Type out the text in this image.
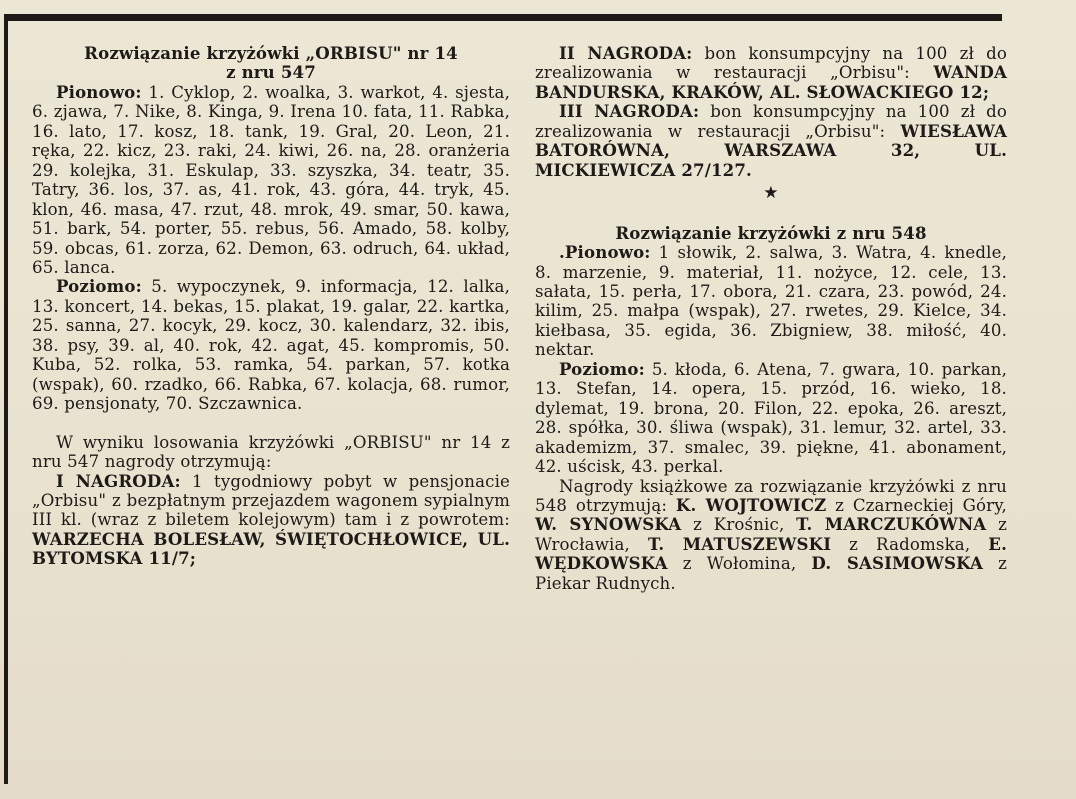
Rozwiązanie krzyżówki „ORBISU" nr 14
z nru 547

Pionowo: 1. Cyklop, 2. woalka, 3. warkot, 4. sjesta, 6. zjawa, 7. Nike, 8. Kinga, 9. Irena 10. fata, 11. Rabka, 16. lato, 17. kosz, 18. tank, 19. Gral, 20. Leon, 21. ręka, 22. kicz, 23. raki, 24. kiwi, 26. na, 28. oranżeria 29. kolejka, 31. Eskulap, 33. szyszka, 34. teatr, 35. Tatry, 36. los, 37. as, 41. rok, 43. góra, 44. tryk, 45. klon, 46. masa, 47. rzut, 48. mrok, 49. smar, 50. kawa, 51. bark, 54. porter, 55. rebus, 56. Amado, 58. kolby, 59. obcas, 61. zorza, 62. Demon, 63. odruch, 64. układ, 65. lanca.

Poziomo: 5. wypoczynek, 9. informacja, 12. lalka, 13. koncert, 14. bekas, 15. plakat, 19. galar, 22. kartka, 25. sanna, 27. kocyk, 29. kocz, 30. kalendarz, 32. ibis, 38. psy, 39. al, 40. rok, 42. agat, 45. kompromis, 50. Kuba, 52. rolka, 53. ramka, 54. parkan, 57. kotka (wspak), 60. rzadko, 66. Rabka, 67. kolacja, 68. rumor, 69. pensjonaty, 70. Szczawnica.

W wyniku losowania krzyżówki „ORBISU" nr 14 z nru 547 nagrody otrzymują:

I NAGRODA: 1 tygodniowy pobyt w pensjonacie „Orbisu" z bezpłatnym przejazdem wagonem sypialnym III kl. (wraz z biletem kolejowym) tam i z powrotem: WARZECHA BOLESŁAW, ŚWIĘTOCHŁOWICE, UL. BYTOMSKA 11/7;

II NAGRODA: bon konsumpcyjny na 100 zł do zrealizowania w restauracji „Orbisu": WANDA BANDURSKA, KRAKÓW, AL. SŁOWACKIEGO 12;

III NAGRODA: bon konsumpcyjny na 100 zł do zrealizowania w restauracji „Orbisu": WIESŁAWA BATORÓWNA, WARSZAWA 32, UL. MICKIEWICZA 27/127.

★

Rozwiązanie krzyżówki z nru 548

.Pionowo: 1 słowik, 2. salwa, 3. Watra, 4. knedle, 8. marzenie, 9. materiał, 11. nożyce, 12. cele, 13. sałata, 15. perła, 17. obora, 21. czara, 23. powód, 24. kilim, 25. małpa (wspak), 27. rwetes, 29. Kielce, 34. kiełbasa, 35. egida, 36. Zbigniew, 38. miłość, 40. nektar.

Poziomo: 5. kłoda, 6. Atena, 7. gwara, 10. parkan, 13. Stefan, 14. opera, 15. przód, 16. wieko, 18. dylemat, 19. brona, 20. Filon, 22. epoka, 26. areszt, 28. spółka, 30. śliwa (wspak), 31. lemur, 32. artel, 33. akademizm, 37. smalec, 39. piękne, 41. abonament, 42. uścisk, 43. perkal.

Nagrody książkowe za rozwiązanie krzyżówki z nru 548 otrzymują: K. WOJTOWICZ z Czarneckiej Góry, W. SYNOWSKA z Krośnic, T. MARCZUKÓWNA z Wrocławia, T. MATUSZEWSKI z Radomska, E. WĘDKOWSKA z Wołomina, D. SASIMOWSKA z Piekar Rudnych.
